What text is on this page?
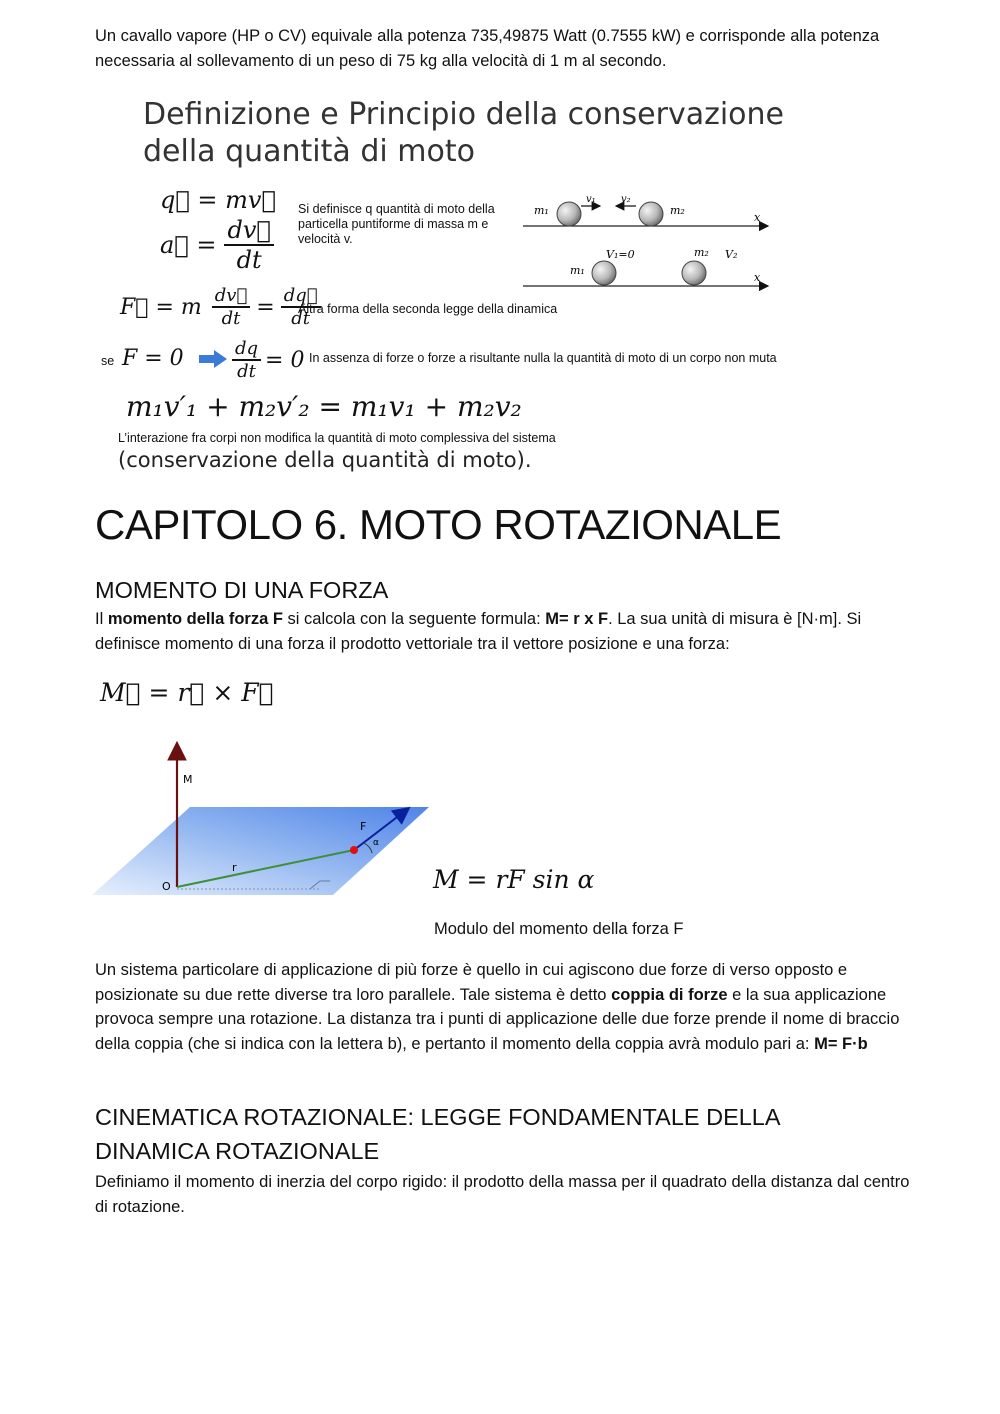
Un cavallo vapore (HP o CV) equivale alla potenza 735,49875 Watt (0.7555 kW) e corrisponde alla potenza necessaria al sollevamento di un peso di 75 kg alla velocità di 1 m al secondo.

Definizione e Principio della conservazione
della quantità di moto
q⃗ = mv⃗
a⃗ = $\frac{dv⃗}{dt}$
Si definisce q quantità di moto della particella puntiforme di massa m e velocità v.
m₁
v₁	v₂
m₂
x
V₁=0
m₁
m₂ V₂
x
F⃗ = m $\frac{dv⃗}{dt} = \frac{dq⃗}{dt}$
Altra forma della seconda legge della dinamica
se F = 0	$\frac{dq}{dt} = 0$ In assenza di forze o forze a risultante nulla la quantità di moto di un corpo non muta
m₁v′₁ + m₂v′₂ = m₁v₁ + m₂v₂
L’interazione fra corpi non modifica la quantità di moto complessiva del sistema
(conservazione della quantità di moto).
CAPITOLO 6. MOTO ROTAZIONALE
MOMENTO DI UNA FORZA

Il momento della forza F si calcola con la seguente formula: M= r x F. La sua unità di misura è [N·m]. Si definisce momento di una forza il prodotto vettoriale tra il vettore posizione e una forza:

M⃗ = r⃗ × F⃗
M
F
α
r
O	M = rF sin α
Modulo del momento della forza F

Un sistema particolare di applicazione di più forze è quello in cui agiscono due forze di verso opposto e posizionate su due rette diverse tra loro parallele. Tale sistema è detto coppia di forze e la sua applicazione provoca sempre una rotazione. La distanza tra i punti di applicazione delle due forze prende il nome di braccio della coppia (che si indica con la lettera b), e pertanto il momento della coppia avrà modulo pari a: M= F·b

CINEMATICA ROTAZIONALE: LEGGE FONDAMENTALE DELLA DINAMICA ROTAZIONALE

Definiamo il momento di inerzia del corpo rigido: il prodotto della massa per il quadrato della distanza dal centro di rotazione.
